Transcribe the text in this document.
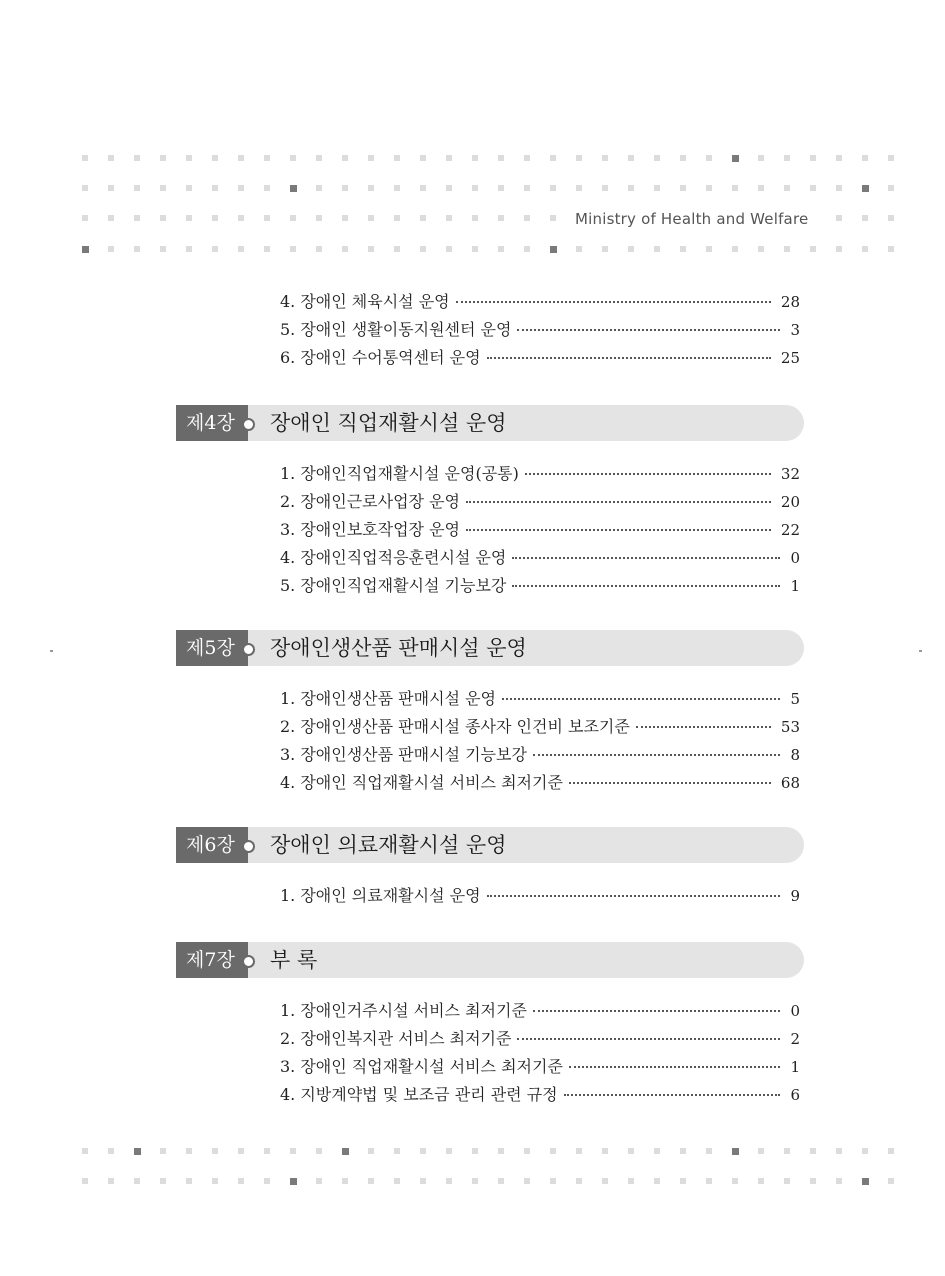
Ministry of Health and Welfare
4. 장애인 체육시설 운영	28
5. 장애인 생활이동지원센터 운영	3
6. 장애인 수어통역센터 운영	25
제4장	장애인 직업재활시설 운영
1. 장애인직업재활시설 운영(공통)	32
2. 장애인근로사업장 운영	20
3. 장애인보호작업장 운영	22
4. 장애인직업적응훈련시설 운영	0
5. 장애인직업재활시설 기능보강	1
제5장	장애인생산품 판매시설 운영
1. 장애인생산품 판매시설 운영	5
2. 장애인생산품 판매시설 종사자 인건비 보조기준	53
3. 장애인생산품 판매시설 기능보강	8
4. 장애인 직업재활시설 서비스 최저기준	68
제6장	장애인 의료재활시설 운영
1. 장애인 의료재활시설 운영	9
제7장	부 록
1. 장애인거주시설 서비스 최저기준	0
2. 장애인복지관 서비스 최저기준	2
3. 장애인 직업재활시설 서비스 최저기준	1
4. 지방계약법 및 보조금 관리 관련 규정	6
